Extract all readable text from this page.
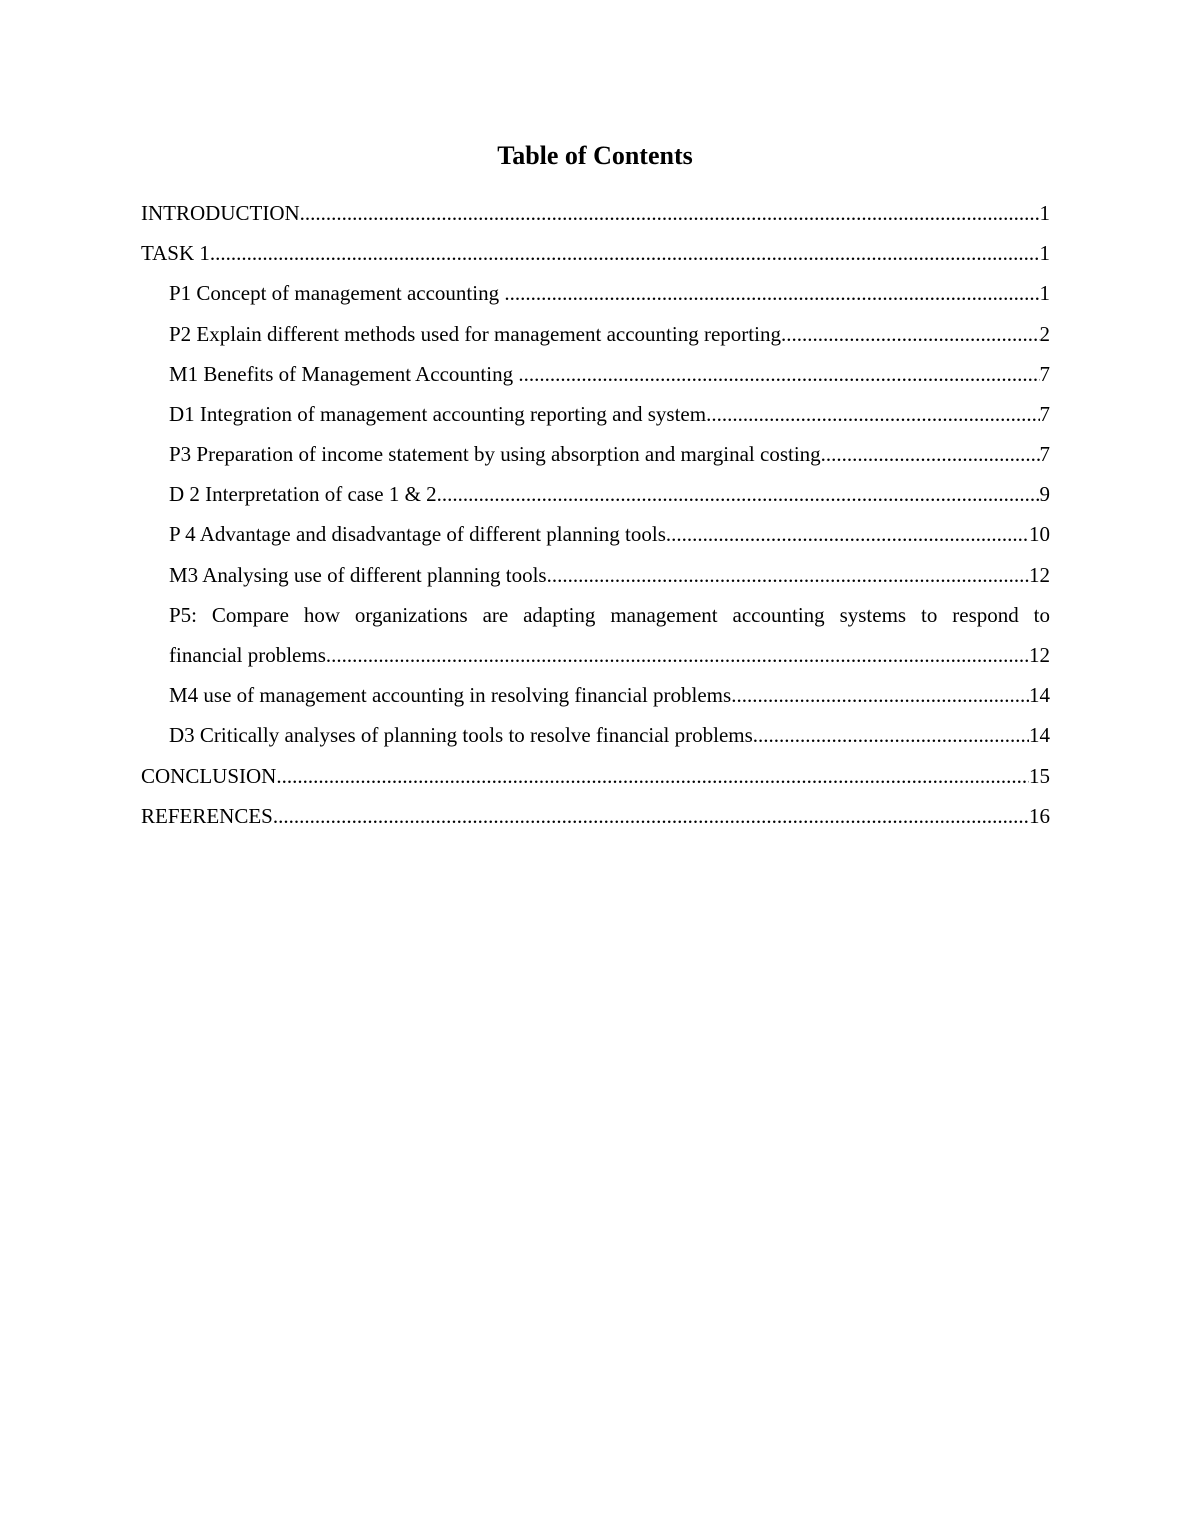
Table of Contents
INTRODUCTION .....	1
TASK 1 .....	1
P1 Concept of management accounting .....	1
P2 Explain different methods used for management accounting reporting .....	2
M1 Benefits of Management Accounting .....	7
D1 Integration of management accounting reporting and system .....	7
P3 Preparation of income statement by using absorption and marginal costing .....	7
D 2 Interpretation of case 1 & 2 .....	9
P 4 Advantage and disadvantage of different planning tools .....	10
M3 Analysing use of different planning tools .....	12
P5: Compare how organizations are adapting management accounting systems to respond to
financial problems .....	12
M4 use of management accounting in resolving financial problems .....	14
D3 Critically analyses of planning tools to resolve financial problems .....	14
CONCLUSION .....	15
REFERENCES .....	16
